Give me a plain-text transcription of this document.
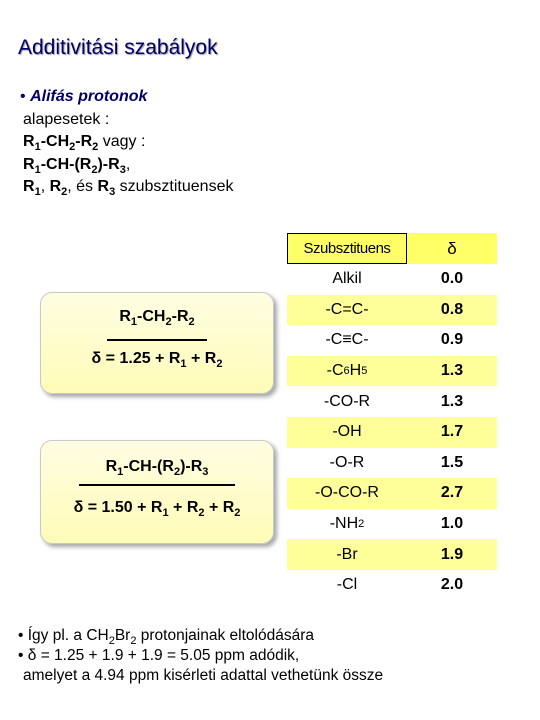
Additivitási szabályok
• Alifás protonok
alapesetek :
$R_1-CH_2-R_2$ vagy :
$R_1-CH-(R_2)-R_3$,
$R_1$, $R_2$, és $R_3$ szubsztituensek
$R_1-CH_2-R_2$
$\delta = 1.25 + R_1 + R_2$
$R_1-CH-(R_2)-R_3$
$\delta = 1.50 + R_1 + R_2 + R_2$
Szubsztituens	δ
Alkil	0.0
-C=C-	0.8
-C≡C-	0.9
-C 6 H 5	1.3
-CO-R	1.3
-OH	1.7
-O-R	1.5
-O-CO-R	2.7
-NH 2	1.0
-Br	1.9
-Cl	2.0
• Így pl. a $CH_2Br_2$ protonjainak eltolódására
• δ = 1.25 + 1.9 + 1.9 = 5.05 ppm adódik,
amelyet a 4.94 ppm kisérleti adattal vethetünk össze
